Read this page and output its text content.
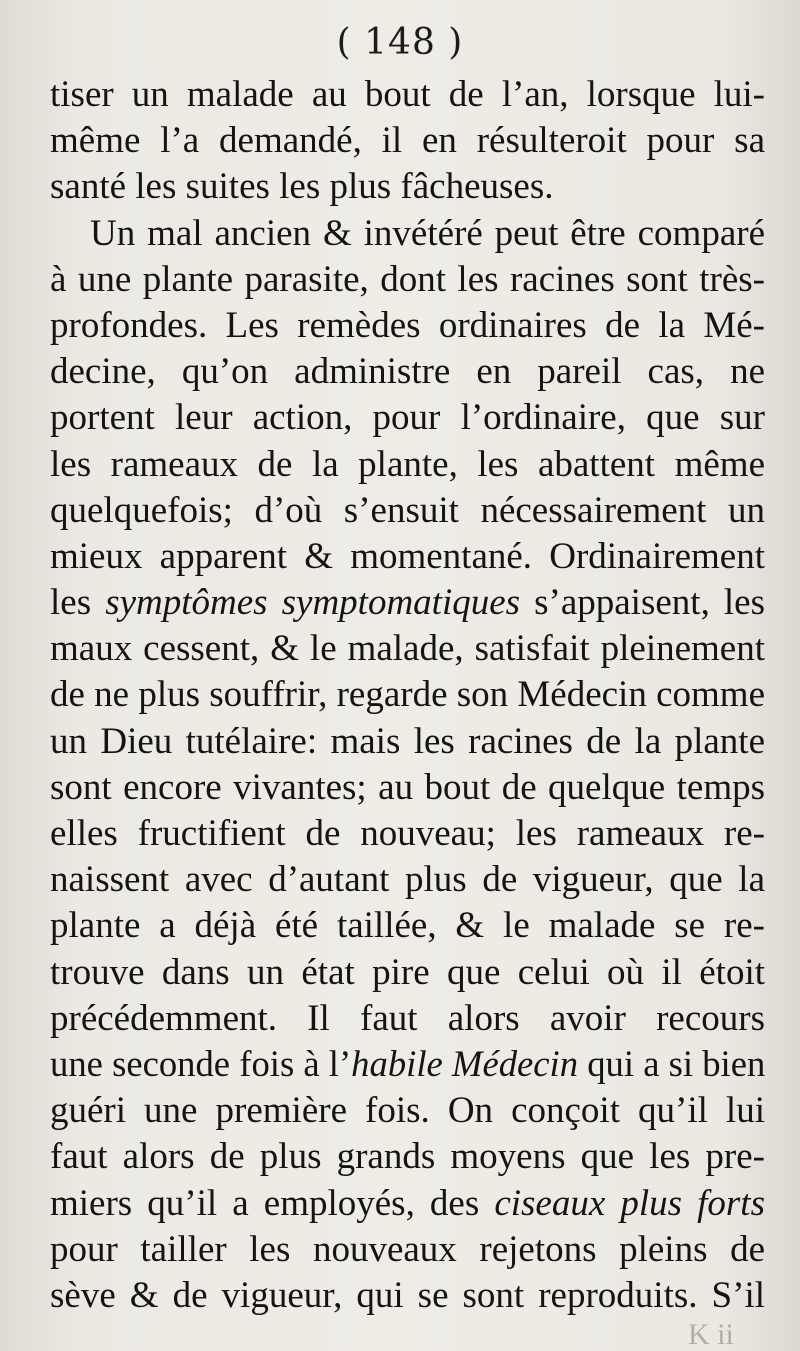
( 148 )
tiser un malade au bout de l’an, lorsque lui-
même l’a demandé, il en résulteroit pour sa
santé les suites les plus fâcheuses.
Un mal ancien & invétéré peut être comparé
à une plante parasite, dont les racines sont très-
profondes. Les remèdes ordinaires de la Mé-
decine, qu’on administre en pareil cas, ne
portent leur action, pour l’ordinaire, que sur
les rameaux de la plante, les abattent même
quelquefois; d’où s’ensuit nécessairement un
mieux apparent & momentané. Ordinairement
les symptômes symptomatiques s’appaisent, les
maux cessent, & le malade, satisfait pleinement
de ne plus souffrir, regarde son Médecin comme
un Dieu tutélaire: mais les racines de la plante
sont encore vivantes; au bout de quelque temps
elles fructifient de nouveau; les rameaux re-
naissent avec d’autant plus de vigueur, que la
plante a déjà été taillée, & le malade se re-
trouve dans un état pire que celui où il étoit
précédemment. Il faut alors avoir recours
une seconde fois à l’habile Médecin qui a si bien
guéri une première fois. On conçoit qu’il lui
faut alors de plus grands moyens que les pre-
miers qu’il a employés, des ciseaux plus forts
pour tailler les nouveaux rejetons pleins de
sève & de vigueur, qui se sont reproduits. S’il
K ii
